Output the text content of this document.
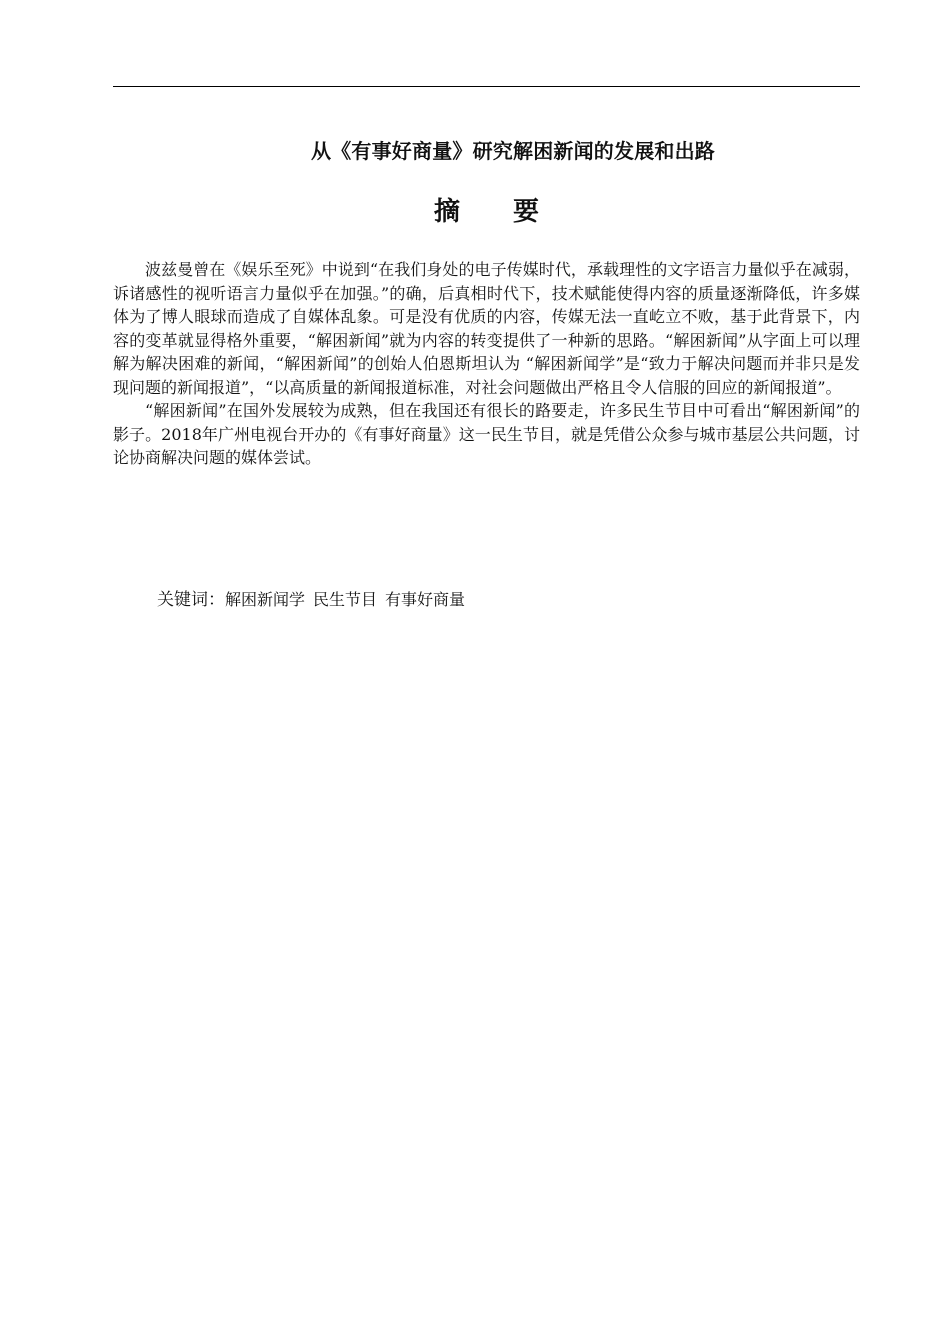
从《有事好商量》研究解困新闻的发展和出路
摘 要

波兹曼曾在《娱乐至死》中说到“在我们身处的电子传媒时代，承载理性的文字语言力量似乎在减弱，诉诸感性的视听语言力量似乎在加强。”的确，后真相时代下，技术赋能使得内容的质量逐渐降低，许多媒体为了博人眼球而造成了自媒体乱象。可是没有优质的内容，传媒无法一直屹立不败，基于此背景下，内容的变革就显得格外重要，“解困新闻”就为内容的转变提供了一种新的思路。“解困新闻”从字面上可以理解为解决困难的新闻，“解困新闻”的创始人伯恩斯坦认为 “解困新闻学”是“致力于解决问题而并非只是发现问题的新闻报道”，“以高质量的新闻报道标准，对社会问题做出严格且令人信服的回应的新闻报道”。

“解困新闻”在国外发展较为成熟，但在我国还有很长的路要走，许多民生节目中可看出“解困新闻”的影子。2018年广州电视台开办的《有事好商量》这一民生节目，就是凭借公众参与城市基层公共问题，讨论协商解决问题的媒体尝试。

关键词：解困新闻学 民生节目 有事好商量
